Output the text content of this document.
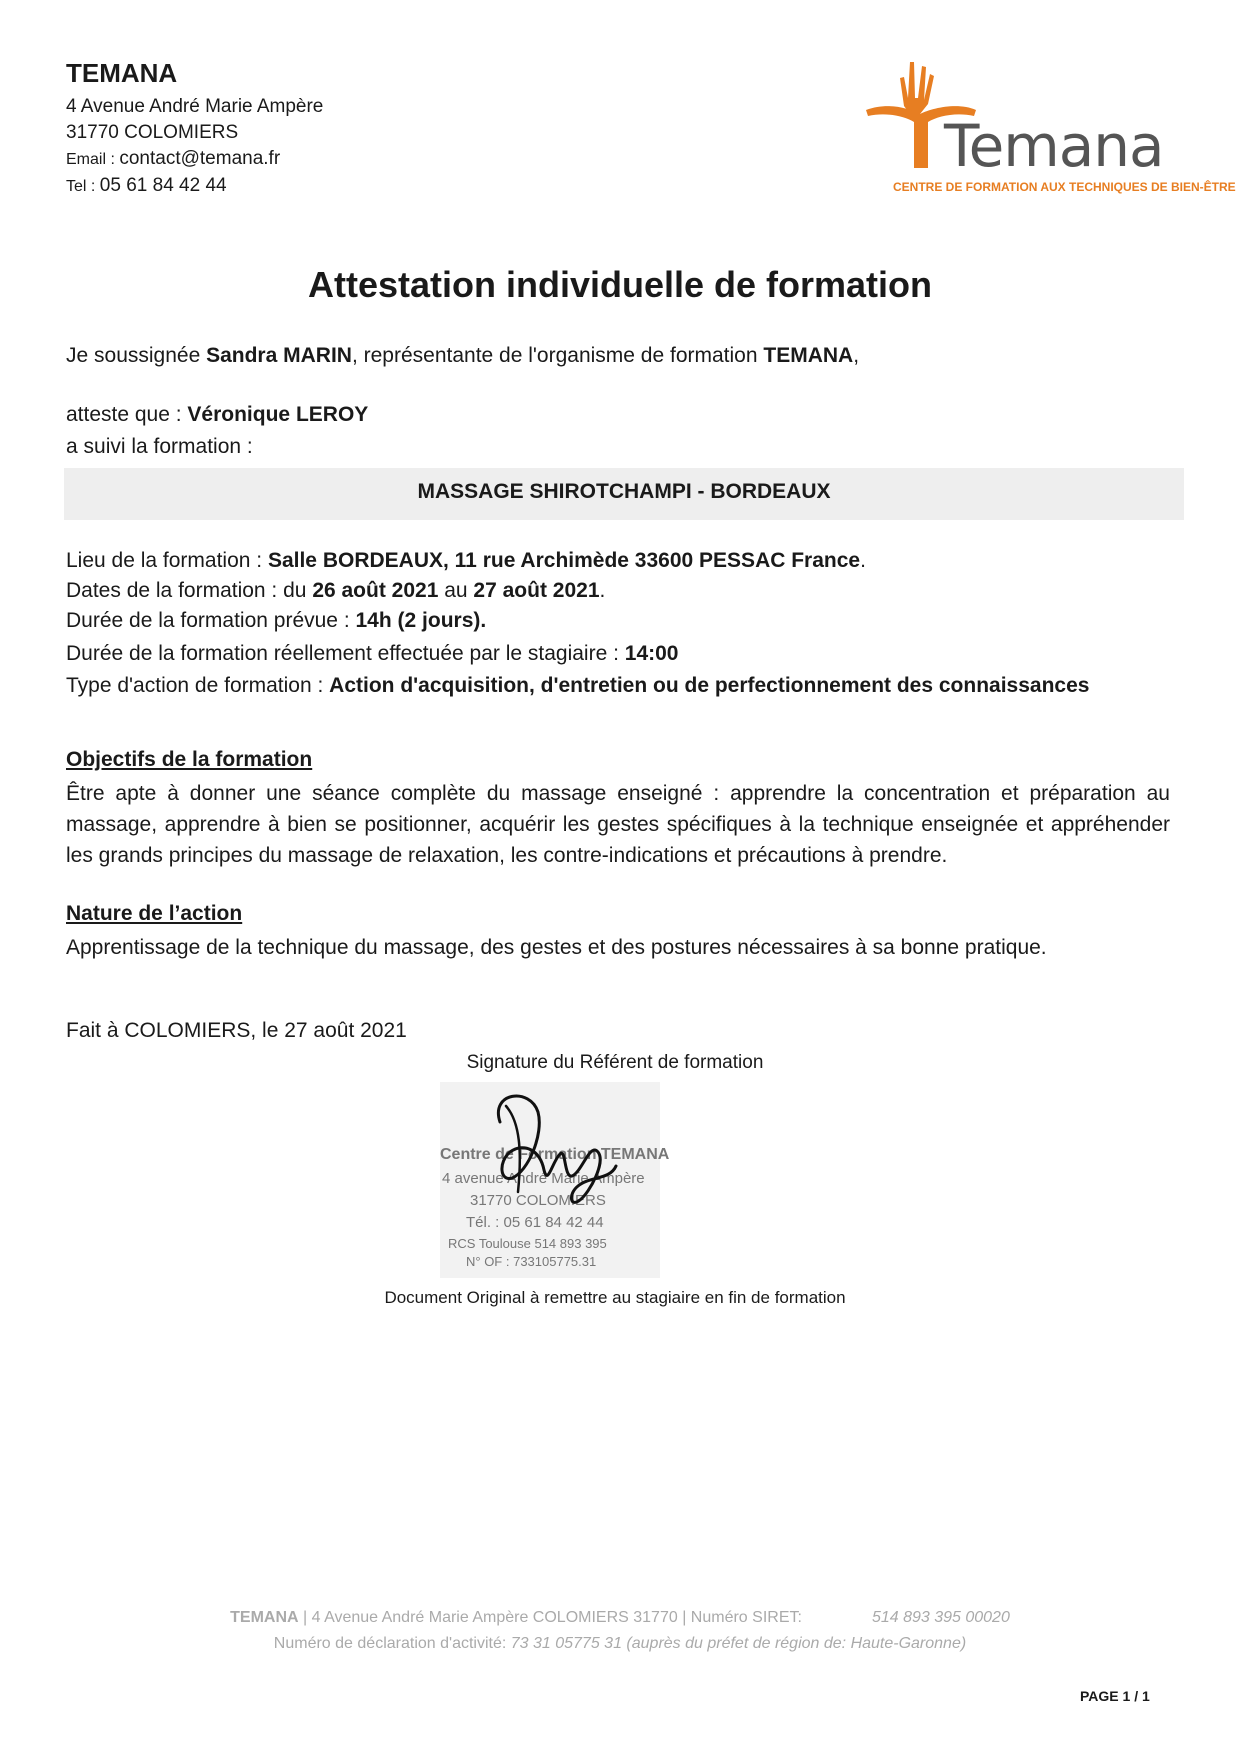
TEMANA
4 Avenue André Marie Ampère
31770 COLOMIERS
Email : contact@temana.fr
Tel : 05 61 84 42 44
Temana
CENTRE DE FORMATION AUX TECHNIQUES DE BIEN-ÊTRE
Attestation individuelle de formation
Je soussignée Sandra MARIN, représentante de l'organisme de formation TEMANA,
atteste que : Véronique LEROY
a suivi la formation :
MASSAGE SHIROTCHAMPI - BORDEAUX
Lieu de la formation : Salle BORDEAUX, 11 rue Archimède 33600 PESSAC France.
Dates de la formation : du 26 août 2021 au 27 août 2021.
Durée de la formation prévue : 14h (2 jours).
Durée de la formation réellement effectuée par le stagiaire : 14:00
Type d'action de formation : Action d'acquisition, d'entretien ou de perfectionnement des connaissances
Objectifs de la formation
Être apte à donner une séance complète du massage enseigné : apprendre la concentration et préparation au massage, apprendre à bien se positionner, acquérir les gestes spécifiques à la technique enseignée et appréhender les grands principes du massage de relaxation, les contre-indications et précautions à prendre.
Nature de l’action
Apprentissage de la technique du massage, des gestes et des postures nécessaires à sa bonne pratique.
Fait à COLOMIERS, le 27 août 2021
Signature du Référent de formation
Centre de Formation TEMANA
4 avenue André Marie Ampère
31770 COLOMIERS
Tél. : 05 61 84 42 44
RCS Toulouse 514 893 395
N° OF : 733105775.31
Document Original à remettre au stagiaire en fin de formation
TEMANA | 4 Avenue André Marie Ampère COLOMIERS 31770 | Numéro SIRET:	514 893 395 00020
Numéro de déclaration d'activité: 73 31 05775 31 (auprès du préfet de région de: Haute-Garonne)
PAGE 1 / 1
